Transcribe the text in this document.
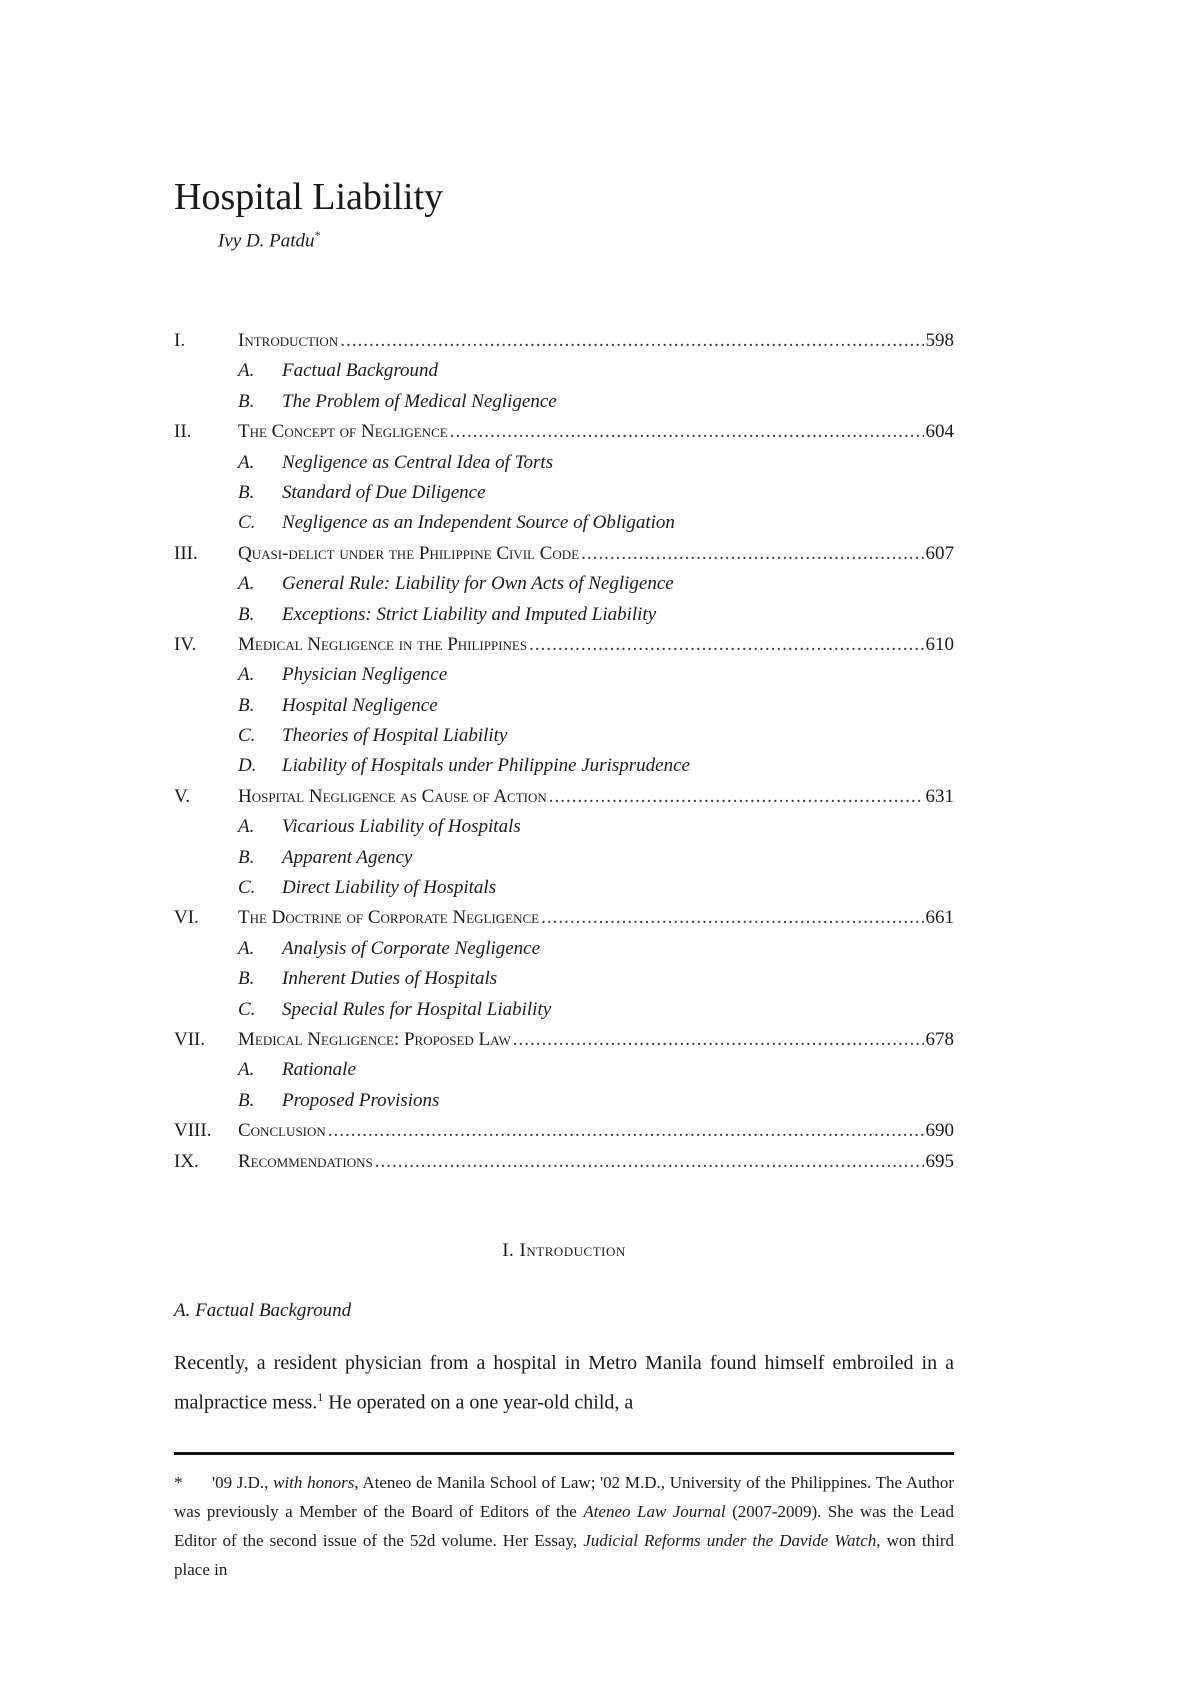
Hospital Liability
Ivy D. Patdu*
I.	Introduction .....	598
A.	Factual Background
B.	The Problem of Medical Negligence
II.	The Concept of Negligence .....	604
A.	Negligence as Central Idea of Torts
B.	Standard of Due Diligence
C.	Negligence as an Independent Source of Obligation
III.	Quasi-delict under the Philippine Civil Code .....	607
A.	General Rule: Liability for Own Acts of Negligence
B.	Exceptions: Strict Liability and Imputed Liability
IV.	Medical Negligence in the Philippines .....	610
A.	Physician Negligence
B.	Hospital Negligence
C.	Theories of Hospital Liability
D.	Liability of Hospitals under Philippine Jurisprudence
V.	Hospital Negligence as Cause of Action .....	631
A.	Vicarious Liability of Hospitals
B.	Apparent Agency
C.	Direct Liability of Hospitals
VI.	The Doctrine of Corporate Negligence .....	661
A.	Analysis of Corporate Negligence
B.	Inherent Duties of Hospitals
C.	Special Rules for Hospital Liability
VII.	Medical Negligence: Proposed Law .....	678
A.	Rationale
B.	Proposed Provisions
VIII.	Conclusion .....	690
IX.	Recommendations .....	695
I. Introduction
A. Factual Background

Recently, a resident physician from a hospital in Metro Manila found himself embroiled in a malpractice mess.$^1$ He operated on a one year-old child, a

* '09 J.D., with honors, Ateneo de Manila School of Law; '02 M.D., University of the Philippines. The Author was previously a Member of the Board of Editors of the Ateneo Law Journal (2007-2009). She was the Lead Editor of the second issue of the 52d volume. Her Essay, Judicial Reforms under the Davide Watch, won third place in
